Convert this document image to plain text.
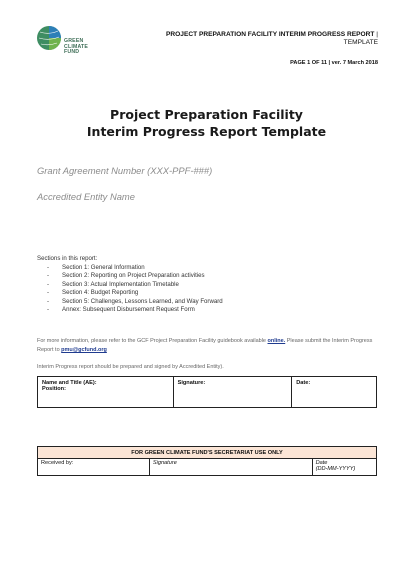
GREEN
CLIMATE
FUND
PROJECT PREPARATION FACILITY INTERIM PROGRESS REPORT |
TEMPLATE
PAGE 1 OF 11 | ver. 7 March 2018
Project Preparation Facility
Interim Progress Report Template
Grant Agreement Number (XXX-PPF-###)
Accredited Entity Name
Sections in this report:
- Section 1: General Information
- Section 2: Reporting on Project Preparation activities
- Section 3: Actual Implementation Timetable
- Section 4: Budget Reporting
- Section 5: Challenges, Lessons Learned, and Way Forward
- Annex: Subsequent Disbursement Request Form
For more information, please refer to the GCF Project Preparation Facility guidebook available online. Please submit the Interim Progress Report to pmu@gcfund.org
Interim Progress report should be prepared and signed by Accredited Entity).
Name and Title (AE):
Position:

Signature:	Date:
FOR GREEN CLIMATE FUND'S SECRETARIAT USE ONLY
Received by:	Signature	Date
(DD-MM-YYYY)
